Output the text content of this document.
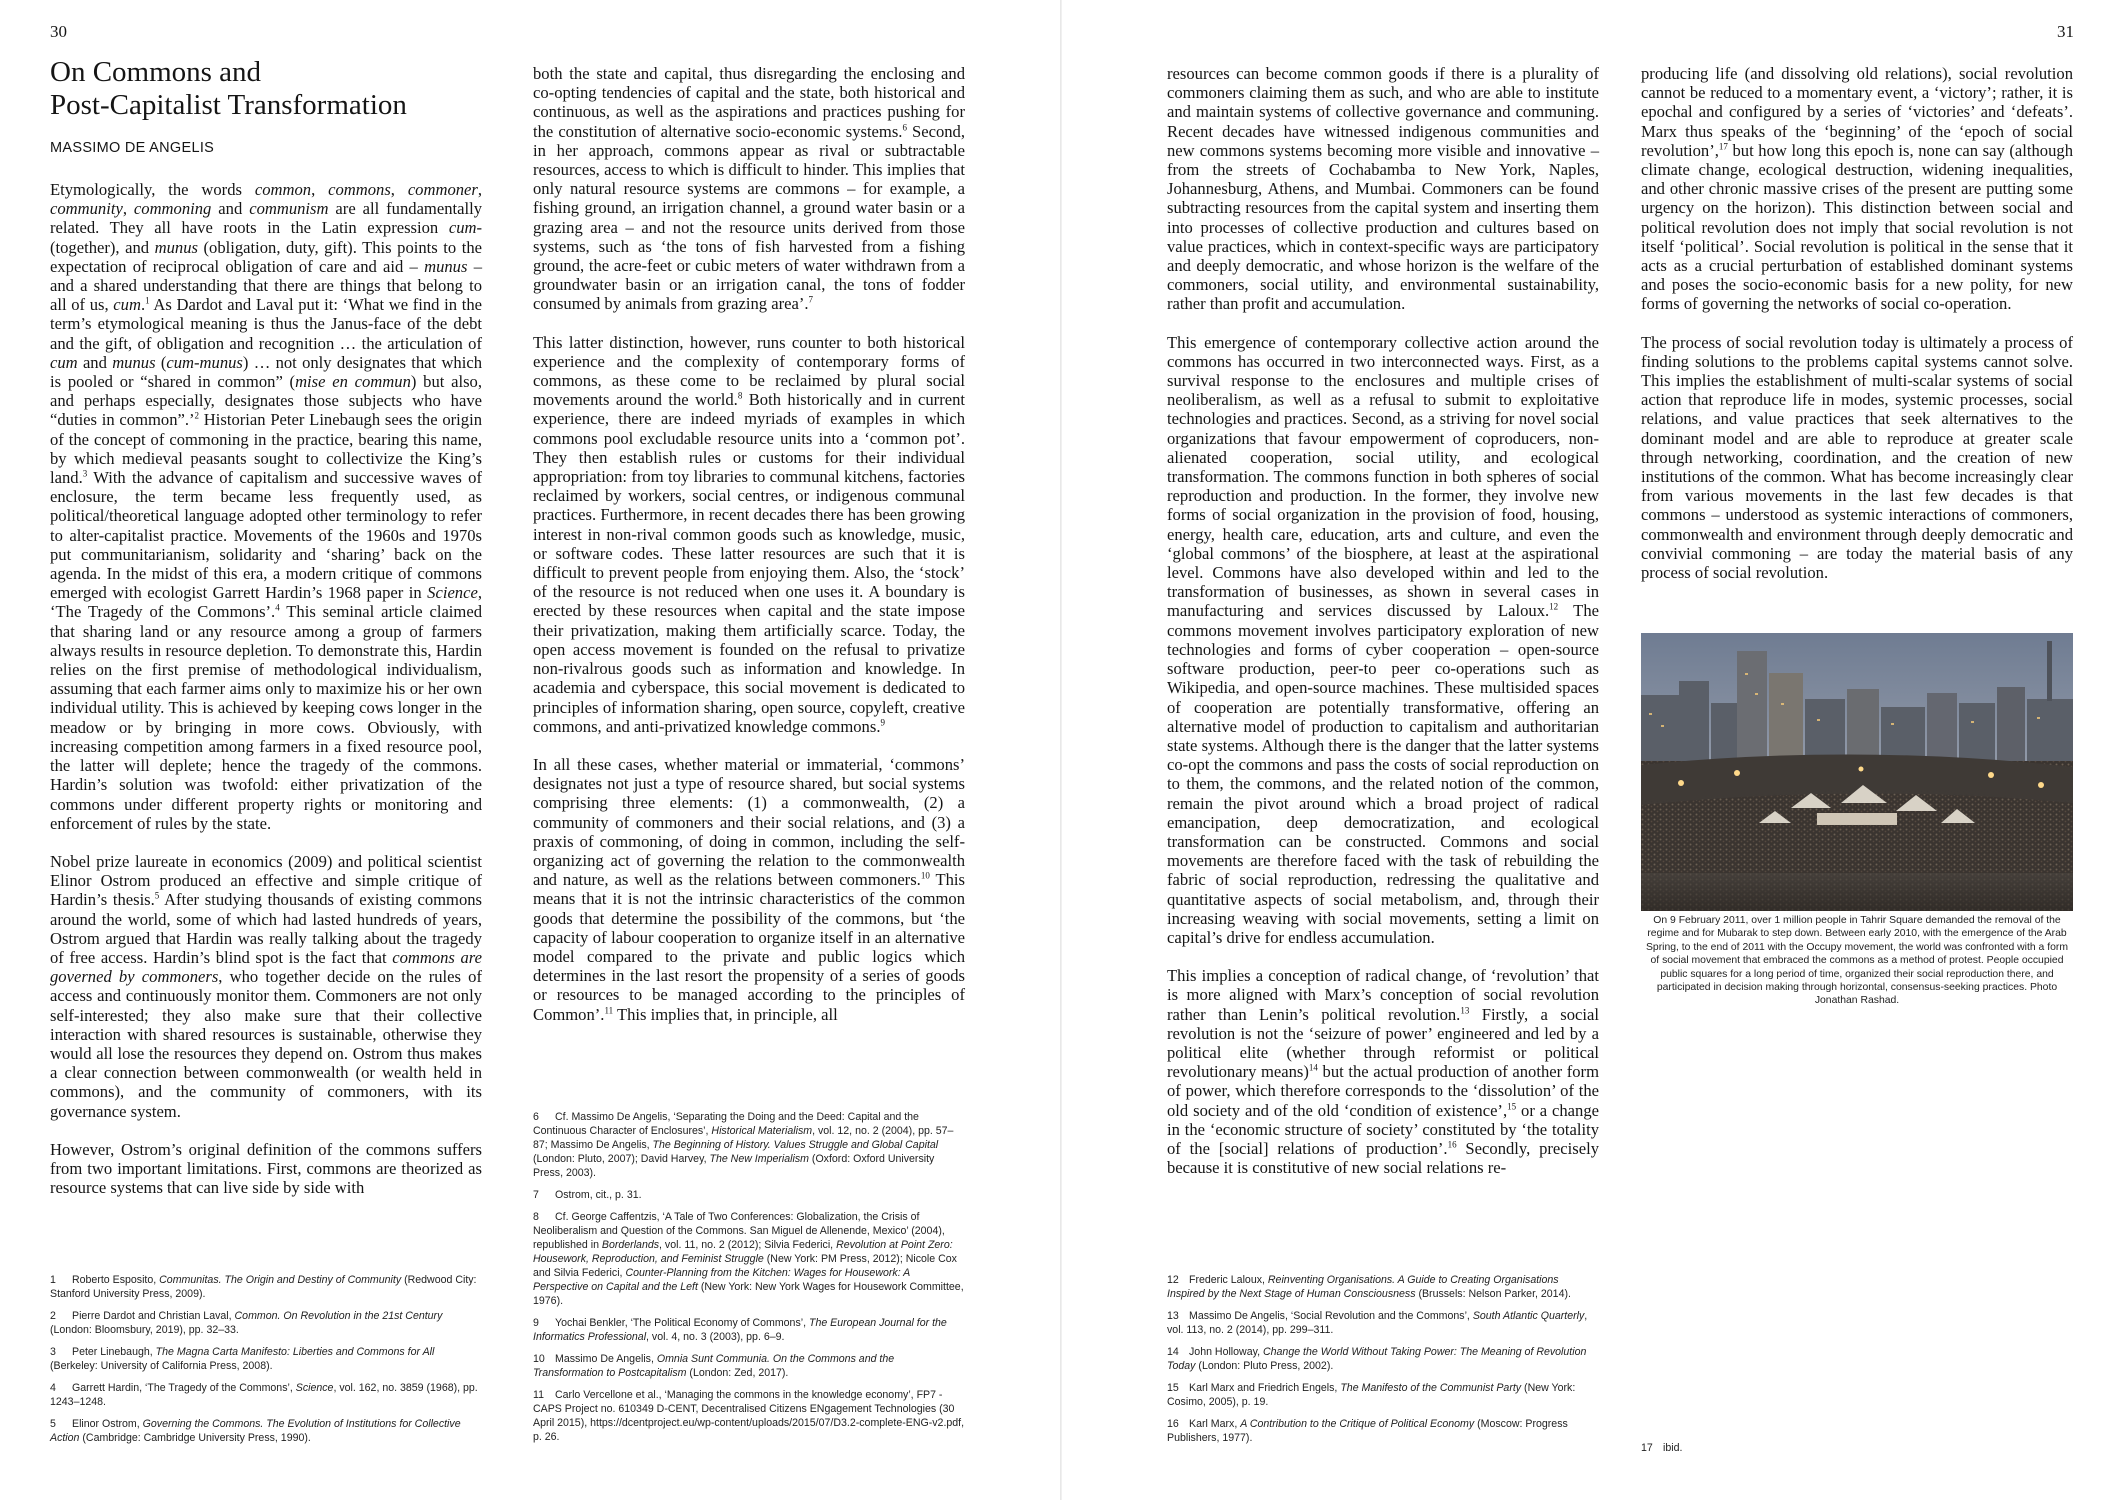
30	31
On Commons and
Post-Capitalist Transformation
MASSIMO DE ANGELIS

Etymologically, the words common, commons, commoner, community, commoning and communism are all fundamentally related. They all have roots in the Latin expression cum- (together), and munus (obligation, duty, gift). This points to the expectation of reciprocal obligation of care and aid – munus – and a shared understanding that there are things that belong to all of us, cum.$^1$ As Dardot and Laval put it: ‘What we find in the term’s etymological meaning is thus the Janus-face of the debt and the gift, of obligation and recognition … the articulation of cum and munus (cum-munus) … not only designates that which is pooled or “shared in common” (mise en commun) but also, and perhaps especially, designates those subjects who have “duties in common”.’$^2$ Historian Peter Linebaugh sees the origin of the concept of commoning in the practice, bearing this name, by which medieval peasants sought to collectivize the King’s land.$^3$ With the advance of capitalism and successive waves of enclosure, the term became less frequently used, as political/theoretical language adopted other terminology to refer to alter-capitalist practice. Movements of the 1960s and 1970s put communitarianism, solidarity and ‘sharing’ back on the agenda. In the midst of this era, a modern critique of commons emerged with ecologist Garrett Hardin’s 1968 paper in Science, ‘The Tragedy of the Commons’.$^4$ This seminal article claimed that sharing land or any resource among a group of farmers always results in resource depletion. To demonstrate this, Hardin relies on the first premise of methodological individualism, assuming that each farmer aims only to maximize his or her own individual utility. This is achieved by keeping cows longer in the meadow or by bringing in more cows. Obviously, with increasing competition among farmers in a fixed resource pool, the latter will deplete; hence the tragedy of the commons. Hardin’s solution was twofold: either privatization of the commons under different property rights or monitoring and enforcement of rules by the state.

Nobel prize laureate in economics (2009) and political scientist Elinor Ostrom produced an effective and simple critique of Hardin’s thesis.$^5$ After studying thousands of existing commons around the world, some of which had lasted hundreds of years, Ostrom argued that Hardin was really talking about the tragedy of free access. Hardin’s blind spot is the fact that commons are governed by commoners, who together decide on the rules of access and continuously monitor them. Commoners are not only self-interested; they also make sure that their collective interaction with shared resources is sustainable, otherwise they would all lose the resources they depend on. Ostrom thus makes a clear connection between commonwealth (or wealth held in commons), and the community of commoners, with its governance system.

However, Ostrom’s original definition of the commons suffers from two important limitations. First, commons are theorized as resource systems that can live side by side with

both the state and capital, thus disregarding the enclosing and co-opting tendencies of capital and the state, both historical and continuous, as well as the aspirations and practices pushing for the constitution of alternative socio-economic systems.$^6$ Second, in her approach, commons appear as rival or subtractable resources, access to which is difficult to hinder. This implies that only natural resource systems are commons – for example, a fishing ground, an irrigation channel, a ground water basin or a grazing area – and not the resource units derived from those systems, such as ‘the tons of fish harvested from a fishing ground, the acre-feet or cubic meters of water withdrawn from a groundwater basin or an irrigation canal, the tons of fodder consumed by animals from grazing area’.$^7$

This latter distinction, however, runs counter to both historical experience and the complexity of contemporary forms of commons, as these come to be reclaimed by plural social movements around the world.$^8$ Both historically and in current experience, there are indeed myriads of examples in which commons pool excludable resource units into a ‘common pot’. They then establish rules or customs for their individual appropriation: from toy libraries to communal kitchens, factories reclaimed by workers, social centres, or indigenous communal practices. Furthermore, in recent decades there has been growing interest in non-rival common goods such as knowledge, music, or software codes. These latter resources are such that it is difficult to prevent people from enjoying them. Also, the ‘stock’ of the resource is not reduced when one uses it. A boundary is erected by these resources when capital and the state impose their privatization, making them artificially scarce. Today, the open access movement is founded on the refusal to privatize non-rivalrous goods such as information and knowledge. In academia and cyberspace, this social movement is dedicated to principles of information sharing, open source, copyleft, creative commons, and anti-privatized knowledge commons.$^9$

In all these cases, whether material or immaterial, ‘commons’ designates not just a type of resource shared, but social systems comprising three elements: (1) a commonwealth, (2) a community of commoners and their social relations, and (3) a praxis of commoning, of doing in common, including the self-organizing act of governing the relation to the commonwealth and nature, as well as the relations between commoners.$^{10}$ This means that it is not the intrinsic characteristics of the common goods that determine the possibility of the commons, but ‘the capacity of labour cooperation to organize itself in an alternative model compared to the private and public logics which determines in the last resort the propensity of a series of goods or resources to be managed according to the principles of Common’.$^{11}$ This implies that, in principle, all

resources can become common goods if there is a plurality of commoners claiming them as such, and who are able to institute and maintain systems of collective governance and communing. Recent decades have witnessed indigenous communities and new commons systems becoming more visible and innovative – from the streets of Cochabamba to New York, Naples, Johannesburg, Athens, and Mumbai. Commoners can be found subtracting resources from the capital system and inserting them into processes of collective production and cultures based on value practices, which in context-specific ways are participatory and deeply democratic, and whose horizon is the welfare of the commoners, social utility, and environmental sustainability, rather than profit and accumulation.

This emergence of contemporary collective action around the commons has occurred in two interconnected ways. First, as a survival response to the enclosures and multiple crises of neoliberalism, as well as a refusal to submit to exploitative technologies and practices. Second, as a striving for novel social organizations that favour empowerment of coproducers, non-alienated cooperation, social utility, and ecological transformation. The commons function in both spheres of social reproduction and production. In the former, they involve new forms of social organization in the provision of food, housing, energy, health care, education, arts and culture, and even the ‘global commons’ of the biosphere, at least at the aspirational level. Commons have also developed within and led to the transformation of businesses, as shown in several cases in manufacturing and services discussed by Laloux.$^{12}$ The commons movement involves participatory exploration of new technologies and forms of cyber cooperation – open-source software production, peer-to peer co-operations such as Wikipedia, and open-source machines. These multisided spaces of cooperation are potentially transformative, offering an alternative model of production to capitalism and authoritarian state systems. Although there is the danger that the latter systems co-opt the commons and pass the costs of social reproduction on to them, the commons, and the related notion of the common, remain the pivot around which a broad project of radical emancipation, deep democratization, and ecological transformation can be constructed. Commons and social movements are therefore faced with the task of rebuilding the fabric of social reproduction, redressing the qualitative and quantitative aspects of social metabolism, and, through their increasing weaving with social movements, setting a limit on capital’s drive for endless accumulation.

This implies a conception of radical change, of ‘revolution’ that is more aligned with Marx’s conception of social revolution rather than Lenin’s political revolution.$^{13}$ Firstly, a social revolution is not the ‘seizure of power’ engineered and led by a political elite (whether through reformist or political revolutionary means)$^{14}$ but the actual production of another form of power, which therefore corresponds to the ‘dissolution’ of the old society and of the old ‘condition of existence’,$^{15}$ or a change in the ‘economic structure of society’ constituted by ‘the totality of the [social] relations of production’.$^{16}$ Secondly, precisely because it is constitutive of new social relations re-

producing life (and dissolving old relations), social revolution cannot be reduced to a momentary event, a ‘victory’; rather, it is epochal and configured by a series of ‘victories’ and ‘defeats’. Marx thus speaks of the ‘beginning’ of the ‘epoch of social revolution’,$^{17}$ but how long this epoch is, none can say (although climate change, ecological destruction, widening inequalities, and other chronic massive crises of the present are putting some urgency on the horizon). This distinction between social and political revolution does not imply that social revolution is not itself ‘political’. Social revolution is political in the sense that it acts as a crucial perturbation of established dominant systems and poses the socio-economic basis for a new polity, for new forms of governing the networks of social co-operation.

The process of social revolution today is ultimately a process of finding solutions to the problems capital systems cannot solve. This implies the establishment of multi-scalar systems of social action that reproduce life in modes, systemic processes, social relations, and value practices that seek alternatives to the dominant model and are able to reproduce at greater scale through networking, coordination, and the creation of new institutions of the common. What has become increasingly clear from various movements in the last few decades is that commons – understood as systemic interactions of commoners, commonwealth and environment through deeply democratic and convivial commoning – are today the material basis of any process of social revolution.

On 9 February 2011, over 1 million people in Tahrir Square demanded the removal of the regime and for Mubarak to step down. Between early 2010, with the emergence of the Arab Spring, to the end of 2011 with the Occupy movement, the world was confronted with a form of social movement that embraced the commons as a method of protest. People occupied public squares for a long period of time, organized their social reproduction there, and participated in decision making through horizontal, consensus-seeking practices. Photo Jonathan Rashad.
1 Roberto Esposito, Communitas. The Origin and Destiny of Community (Redwood City: Stanford University Press, 2009).
2 Pierre Dardot and Christian Laval, Common. On Revolution in the 21st Century (London: Bloomsbury, 2019), pp. 32–33.
3 Peter Linebaugh, The Magna Carta Manifesto: Liberties and Commons for All (Berkeley: University of California Press, 2008).
4 Garrett Hardin, ‘The Tragedy of the Commons’, Science, vol. 162, no. 3859 (1968), pp. 1243–1248.
5 Elinor Ostrom, Governing the Commons. The Evolution of Institutions for Collective Action (Cambridge: Cambridge University Press, 1990).
6 Cf. Massimo De Angelis, ‘Separating the Doing and the Deed: Capital and the Continuous Character of Enclosures’, Historical Materialism, vol. 12, no. 2 (2004), pp. 57–87; Massimo De Angelis, The Beginning of History. Values Struggle and Global Capital (London: Pluto, 2007); David Harvey, The New Imperialism (Oxford: Oxford University Press, 2003).
7 Ostrom, cit., p. 31.
8 Cf. George Caffentzis, ‘A Tale of Two Conferences: Globalization, the Crisis of Neoliberalism and Question of the Commons. San Miguel de Allenende, Mexico’ (2004), republished in Borderlands, vol. 11, no. 2 (2012); Silvia Federici, Revolution at Point Zero: Housework, Reproduction, and Feminist Struggle (New York: PM Press, 2012); Nicole Cox and Silvia Federici, Counter-Planning from the Kitchen: Wages for Housework: A Perspective on Capital and the Left (New York: New York Wages for Housework Committee, 1976).
9 Yochai Benkler, ‘The Political Economy of Commons’, The European Journal for the Informatics Professional, vol. 4, no. 3 (2003), pp. 6–9.
10 Massimo De Angelis, Omnia Sunt Communia. On the Commons and the Transformation to Postcapitalism (London: Zed, 2017).
11 Carlo Vercellone et al., ‘Managing the commons in the knowledge economy’, FP7 - CAPS Project no. 610349 D-CENT, Decentralised Citizens ENgagement Technologies (30 April 2015), https://dcentproject.eu/wp-content/uploads/2015/07/D3.2-complete-ENG-v2.pdf, p. 26.
12 Frederic Laloux, Reinventing Organisations. A Guide to Creating Organisations Inspired by the Next Stage of Human Consciousness (Brussels: Nelson Parker, 2014).
13 Massimo De Angelis, ‘Social Revolution and the Commons’, South Atlantic Quarterly, vol. 113, no. 2 (2014), pp. 299–311.
14 John Holloway, Change the World Without Taking Power: The Meaning of Revolution Today (London: Pluto Press, 2002).
15 Karl Marx and Friedrich Engels, The Manifesto of the Communist Party (New York: Cosimo, 2005), p. 19.
16 Karl Marx, A Contribution to the Critique of Political Economy (Moscow: Progress Publishers, 1977).
17 ibid.
